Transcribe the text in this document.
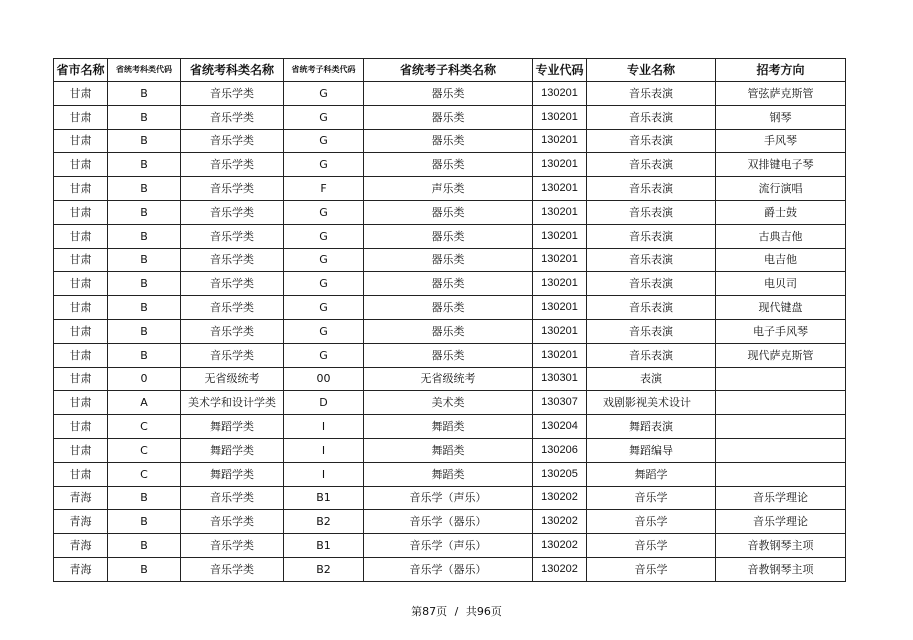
省市名称	省统考科类代码	省统考科类名称	省统考子科类代码	省统考子科类名称	专业代码	专业名称	招考方向
甘肃	B	音乐学类	G	器乐类	130201	音乐表演	管弦萨克斯管
甘肃	B	音乐学类	G	器乐类	130201	音乐表演	钢琴
甘肃	B	音乐学类	G	器乐类	130201	音乐表演	手风琴
甘肃	B	音乐学类	G	器乐类	130201	音乐表演	双排键电子琴
甘肃	B	音乐学类	F	声乐类	130201	音乐表演	流行演唱
甘肃	B	音乐学类	G	器乐类	130201	音乐表演	爵士鼓
甘肃	B	音乐学类	G	器乐类	130201	音乐表演	古典吉他
甘肃	B	音乐学类	G	器乐类	130201	音乐表演	电吉他
甘肃	B	音乐学类	G	器乐类	130201	音乐表演	电贝司
甘肃	B	音乐学类	G	器乐类	130201	音乐表演	现代键盘
甘肃	B	音乐学类	G	器乐类	130201	音乐表演	电子手风琴
甘肃	B	音乐学类	G	器乐类	130201	音乐表演	现代萨克斯管
甘肃	0	无省级统考	00	无省级统考	130301	表演	
甘肃	A	美术学和设计学类	D	美术类	130307	戏剧影视美术设计	
甘肃	C	舞蹈学类	I	舞蹈类	130204	舞蹈表演	
甘肃	C	舞蹈学类	I	舞蹈类	130206	舞蹈编导	
甘肃	C	舞蹈学类	I	舞蹈类	130205	舞蹈学	
青海	B	音乐学类	B1	音乐学（声乐）	130202	音乐学	音乐学理论
青海	B	音乐学类	B2	音乐学（器乐）	130202	音乐学	音乐学理论
青海	B	音乐学类	B1	音乐学（声乐）	130202	音乐学	音教钢琴主项
青海	B	音乐学类	B2	音乐学（器乐）	130202	音乐学	音教钢琴主项
第87页 / 共96页
